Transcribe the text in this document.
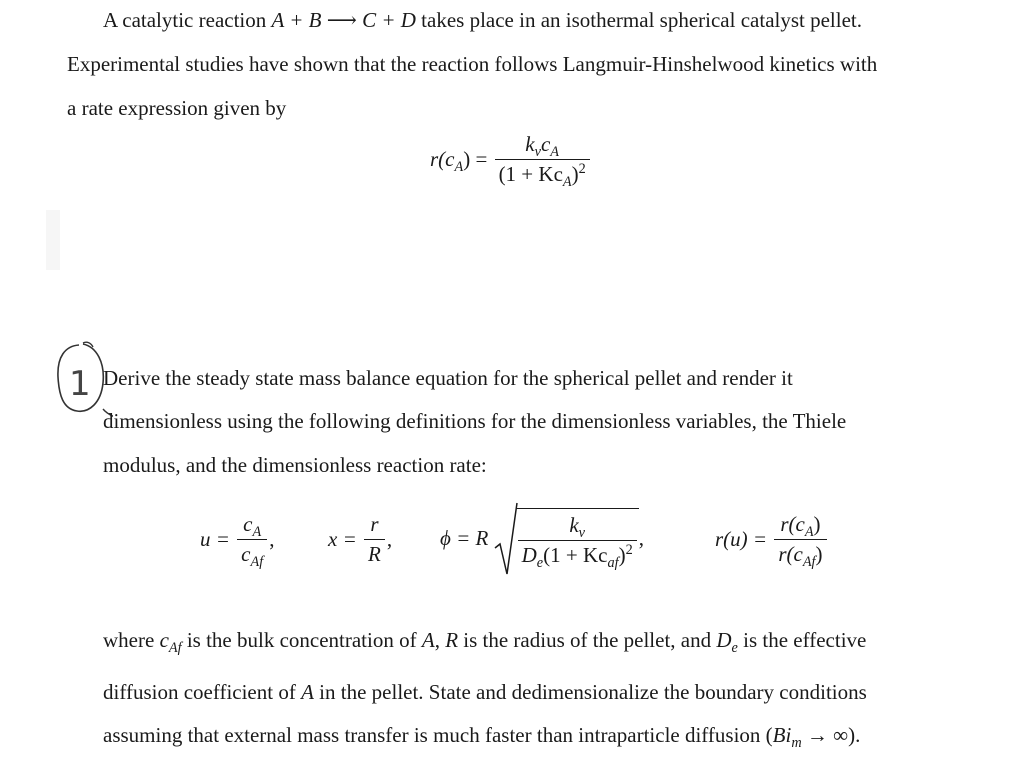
A catalytic reaction A + B ⟶ C + D takes place in an isothermal spherical catalyst pellet.
Experimental studies have shown that the reaction follows Langmuir-Hinshelwood kinetics with
a rate expression given by
$r(c_A) = \frac{k_vc_A}{(1 + Kc_A)^2}$
1 Derive the steady state mass balance equation for the spherical pellet and render it
dimensionless using the following definitions for the dimensionless variables, the Thiele
modulus, and the dimensionless reaction rate:
$u = \frac{c_A}{c_{Af}}$ ,	$x = \frac{r}{R}$ , ϕ = R $\frac{k_v}{D_e(1 + Kc_{af})^2}$ ,	$r(u) = \frac{r(c_A)}{r(c_{Af})}$
where $c_{Af}$ is the bulk concentration of A, R is the radius of the pellet, and $D_e$ is the effective
diffusion coefficient of A in the pellet. State and dedimensionalize the boundary conditions
assuming that external mass transfer is much faster than intraparticle diffusion ($Bi_m$ → ∞).
